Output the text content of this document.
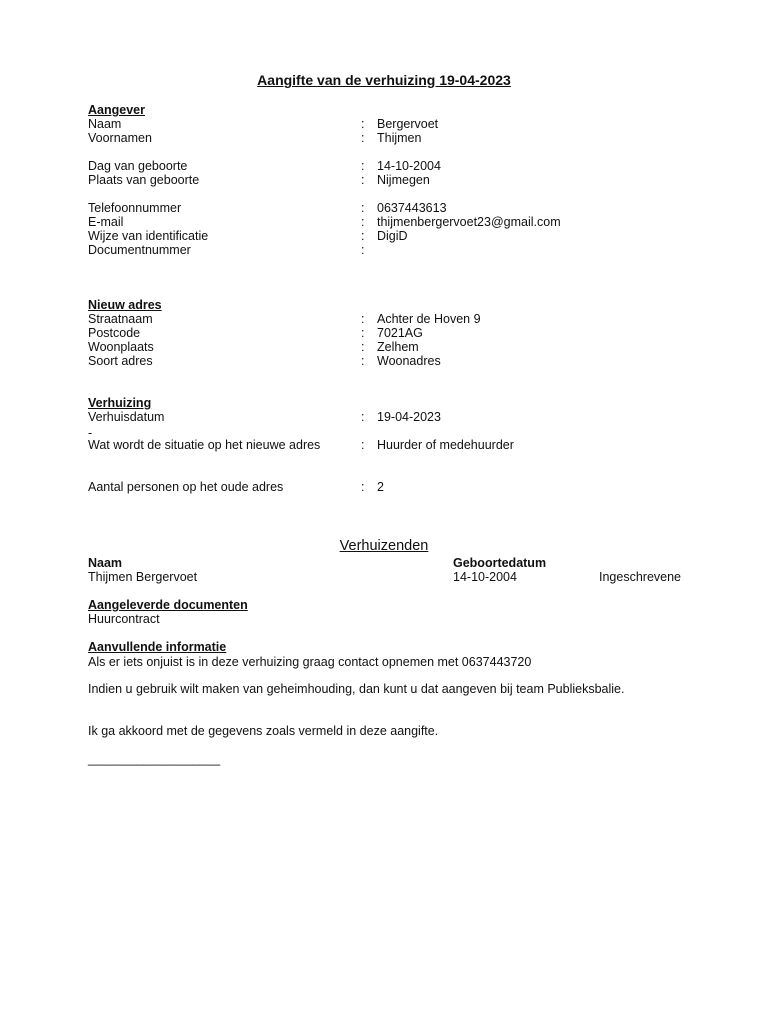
Aangifte van de verhuizing 19-04-2023
Aangever
Naam	: Bergervoet
Voornamen	: Thijmen
Dag van geboorte	: 14-10-2004
Plaats van geboorte	: Nijmegen
Telefoonnummer	: 0637443613
E-mail	: thijmenbergervoet23@gmail.com
Wijze van identificatie	: DigiD
Documentnummer	:
Nieuw adres
Straatnaam	: Achter de Hoven 9
Postcode	: 7021AG
Woonplaats	: Zelhem
Soort adres	: Woonadres
Verhuizing
Verhuisdatum	: 19-04-2023
-
Wat wordt de situatie op het nieuwe adres	: Huurder of medehuurder
Aantal personen op het oude adres	: 2
Verhuizenden
Naam	Geboortedatum
Thijmen Bergervoet	14-10-2004	Ingeschrevene
Aangeleverde documenten
Huurcontract
Aanvullende informatie
Als er iets onjuist is in deze verhuizing graag contact opnemen met 0637443720
Indien u gebruik wilt maken van geheimhouding, dan kunt u dat aangeven bij team Publieksbalie.
Ik ga akkoord met de gegevens zoals vermeld in deze aangifte.
___________________
